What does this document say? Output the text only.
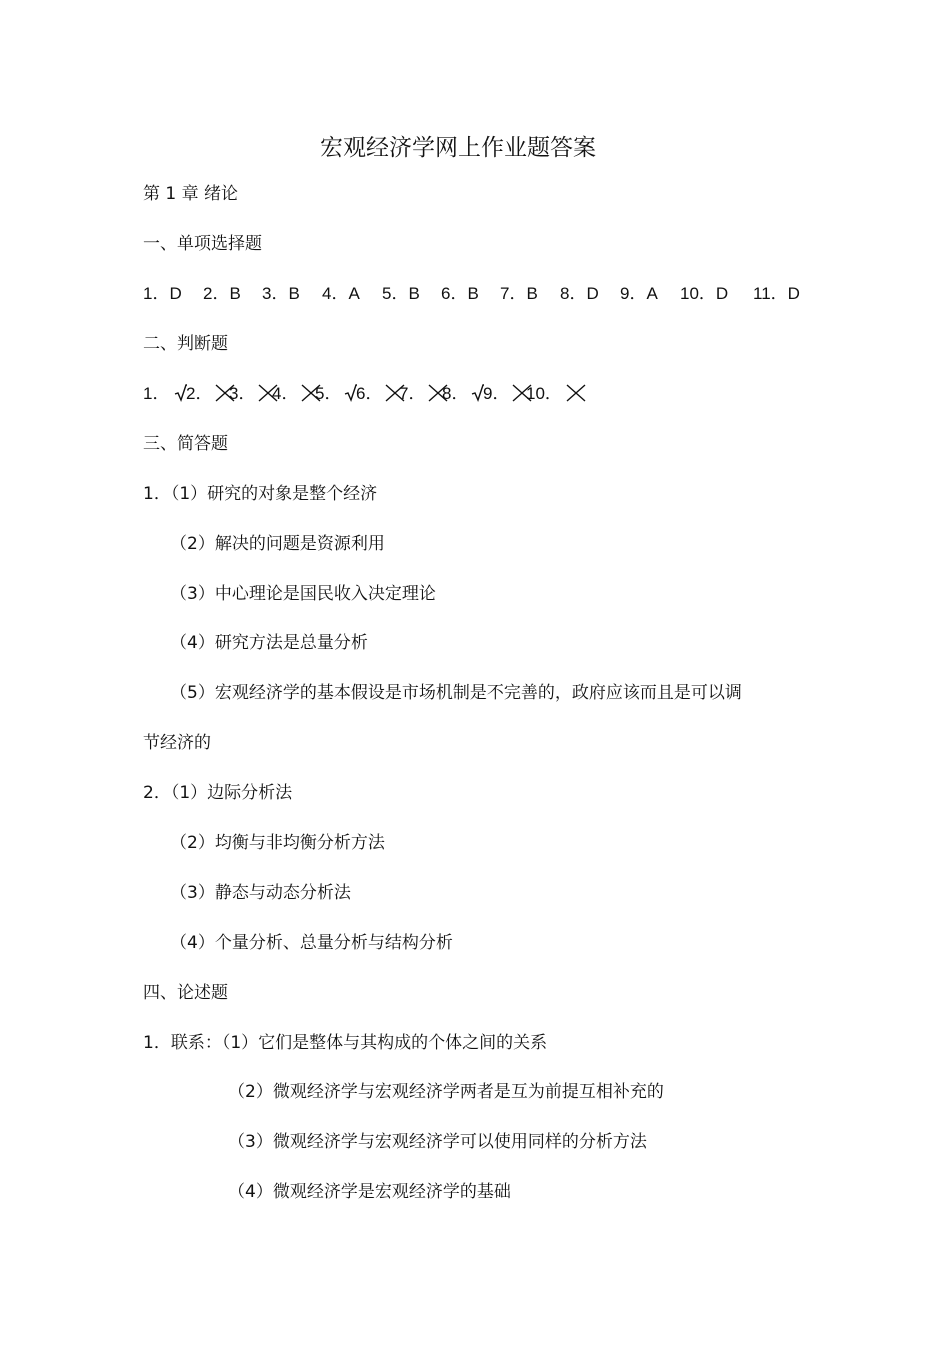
宏观经济学网上作业题答案
第 1 章 绪论
一、单项选择题
1．D 2．B 3．B 4．A 5．B 6．B 7．B 8．D 9．A 10．D 11．D
二、判断题
1． 2． 3． 4． 5． 6． 7． 8． 9． 10．
三、简答题
1．（1）研究的对象是整个经济
（2）解决的问题是资源利用
（3）中心理论是国民收入决定理论
（4）研究方法是总量分析
（5）宏观经济学的基本假设是市场机制是不完善的，政府应该而且是可以调
节经济的
2．（1）边际分析法
（2）均衡与非均衡分析方法
（3）静态与动态分析法
（4）个量分析、总量分析与结构分析
四、论述题
1．联系：（1）它们是整体与其构成的个体之间的关系
（2）微观经济学与宏观经济学两者是互为前提互相补充的
（3）微观经济学与宏观经济学可以使用同样的分析方法
（4）微观经济学是宏观经济学的基础
